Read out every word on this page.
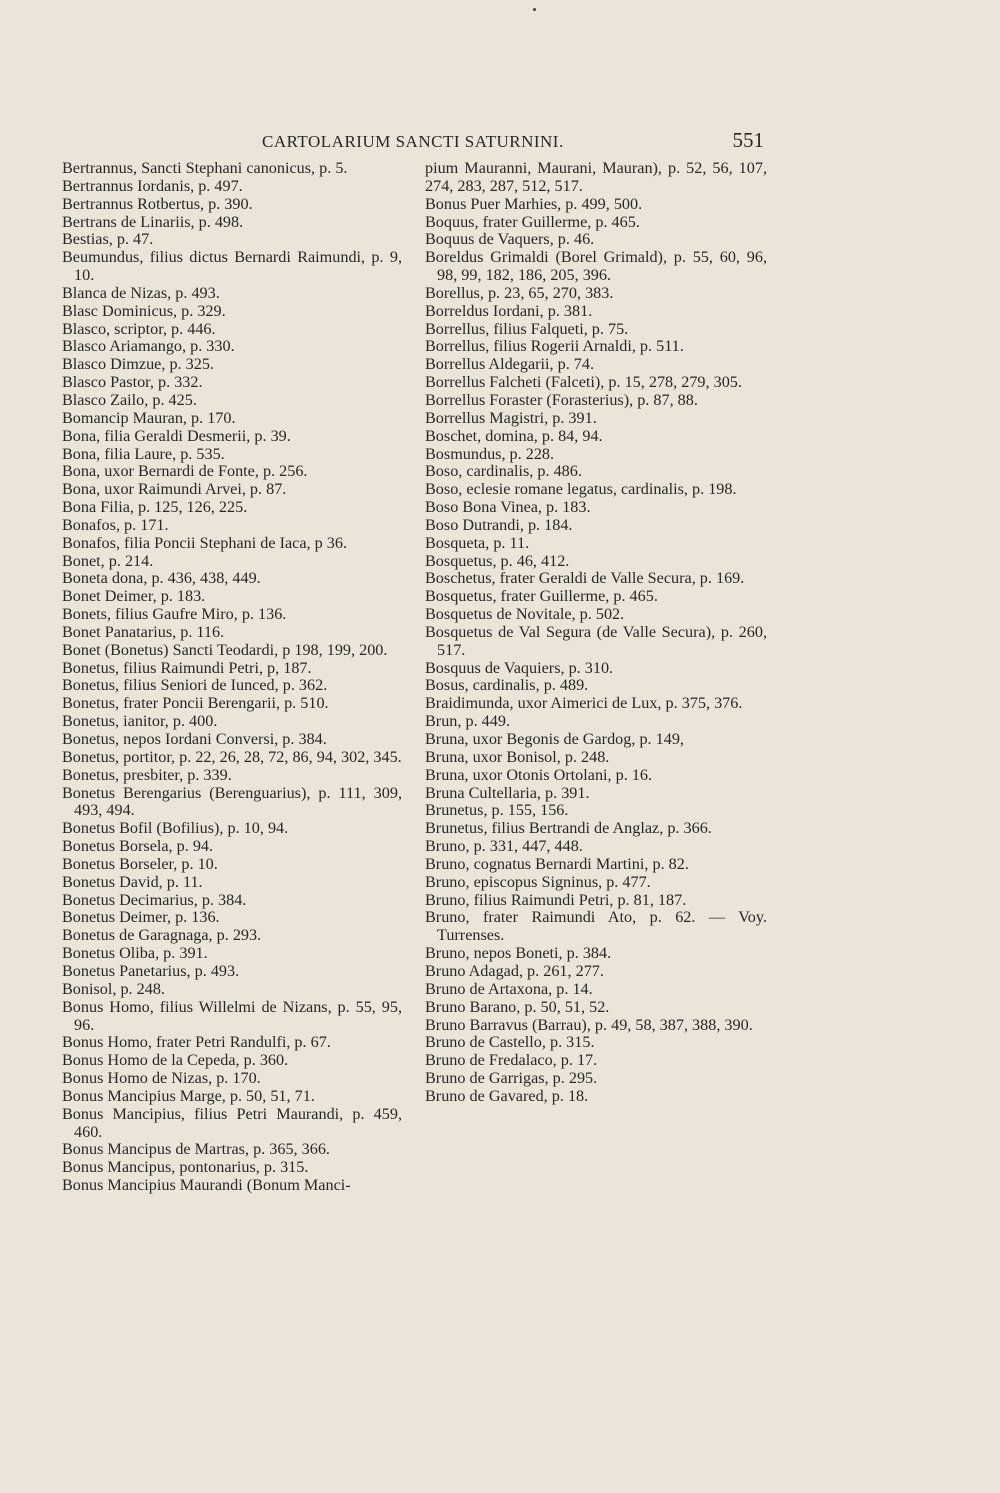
CARTOLARIUM SANCTI SATURNINI.	551

Bertrannus, Sancti Stephani canonicus, p. 5.

Bertrannus Iordanis, p. 497.

Bertrannus Rotbertus, p. 390.

Bertrans de Linariis, p. 498.

Bestias, p. 47.

Beumundus, filius dictus Bernardi Raimundi, p. 9, 10.

Blanca de Nizas, p. 493.

Blasc Dominicus, p. 329.

Blasco, scriptor, p. 446.

Blasco Ariamango, p. 330.

Blasco Dimzue, p. 325.

Blasco Pastor, p. 332.

Blasco Zailo, p. 425.

Bomancip Mauran, p. 170.

Bona, filia Geraldi Desmerii, p. 39.

Bona, filia Laure, p. 535.

Bona, uxor Bernardi de Fonte, p. 256.

Bona, uxor Raimundi Arvei, p. 87.

Bona Filia, p. 125, 126, 225.

Bonafos, p. 171.

Bonafos, filia Poncii Stephani de Iaca, p 36.

Bonet, p. 214.

Boneta dona, p. 436, 438, 449.

Bonet Deimer, p. 183.

Bonets, filius Gaufre Miro, p. 136.

Bonet Panatarius, p. 116.

Bonet (Bonetus) Sancti Teodardi, p 198, 199, 200.

Bonetus, filius Raimundi Petri, p, 187.

Bonetus, filius Seniori de Iunced, p. 362.

Bonetus, frater Poncii Berengarii, p. 510.

Bonetus, ianitor, p. 400.

Bonetus, nepos Iordani Conversi, p. 384.

Bonetus, portitor, p. 22, 26, 28, 72, 86, 94, 302, 345.

Bonetus, presbiter, p. 339.

Bonetus Berengarius (Berenguarius), p. 111, 309, 493, 494.

Bonetus Bofil (Bofilius), p. 10, 94.

Bonetus Borsela, p. 94.

Bonetus Borseler, p. 10.

Bonetus David, p. 11.

Bonetus Decimarius, p. 384.

Bonetus Deimer, p. 136.

Bonetus de Garagnaga, p. 293.

Bonetus Oliba, p. 391.

Bonetus Panetarius, p. 493.

Bonisol, p. 248.

Bonus Homo, filius Willelmi de Nizans, p. 55, 95, 96.

Bonus Homo, frater Petri Randulfi, p. 67.

Bonus Homo de la Cepeda, p. 360.

Bonus Homo de Nizas, p. 170.

Bonus Mancipius Marge, p. 50, 51, 71.

Bonus Mancipius, filius Petri Maurandi, p. 459, 460.

Bonus Mancipus de Martras, p. 365, 366.

Bonus Mancipus, pontonarius, p. 315.

Bonus Mancipius Maurandi (Bonum Manci-

pium Mauranni, Maurani, Mauran), p. 52, 56, 107, 274, 283, 287, 512, 517.

Bonus Puer Marhies, p. 499, 500.

Boquus, frater Guillerme, p. 465.

Boquus de Vaquers, p. 46.

Boreldus Grimaldi (Borel Grimald), p. 55, 60, 96, 98, 99, 182, 186, 205, 396.

Borellus, p. 23, 65, 270, 383.

Borreldus Iordani, p. 381.

Borrellus, filius Falqueti, p. 75.

Borrellus, filius Rogerii Arnaldi, p. 511.

Borrellus Aldegarii, p. 74.

Borrellus Falcheti (Falceti), p. 15, 278, 279, 305.

Borrellus Foraster (Forasterius), p. 87, 88.

Borrellus Magistri, p. 391.

Boschet, domina, p. 84, 94.

Bosmundus, p. 228.

Boso, cardinalis, p. 486.

Boso, eclesie romane legatus, cardinalis, p. 198.

Boso Bona Vinea, p. 183.

Boso Dutrandi, p. 184.

Bosqueta, p. 11.

Bosquetus, p. 46, 412.

Boschetus, frater Geraldi de Valle Secura, p. 169.

Bosquetus, frater Guillerme, p. 465.

Bosquetus de Novitale, p. 502.

Bosquetus de Val Segura (de Valle Secura), p. 260, 517.

Bosquus de Vaquiers, p. 310.

Bosus, cardinalis, p. 489.

Braidimunda, uxor Aimerici de Lux, p. 375, 376.

Brun, p. 449.

Bruna, uxor Begonis de Gardog, p. 149,

Bruna, uxor Bonisol, p. 248.

Bruna, uxor Otonis Ortolani, p. 16.

Bruna Cultellaria, p. 391.

Brunetus, p. 155, 156.

Brunetus, filius Bertrandi de Anglaz, p. 366.

Bruno, p. 331, 447, 448.

Bruno, cognatus Bernardi Martini, p. 82.

Bruno, episcopus Signinus, p. 477.

Bruno, filius Raimundi Petri, p. 81, 187.

Bruno, frater Raimundi Ato, p. 62. — Voy. Turrenses.

Bruno, nepos Boneti, p. 384.

Bruno Adagad, p. 261, 277.

Bruno de Artaxona, p. 14.

Bruno Barano, p. 50, 51, 52.

Bruno Barravus (Barrau), p. 49, 58, 387, 388, 390.

Bruno de Castello, p. 315.

Bruno de Fredalaco, p. 17.

Bruno de Garrigas, p. 295.

Bruno de Gavared, p. 18.
